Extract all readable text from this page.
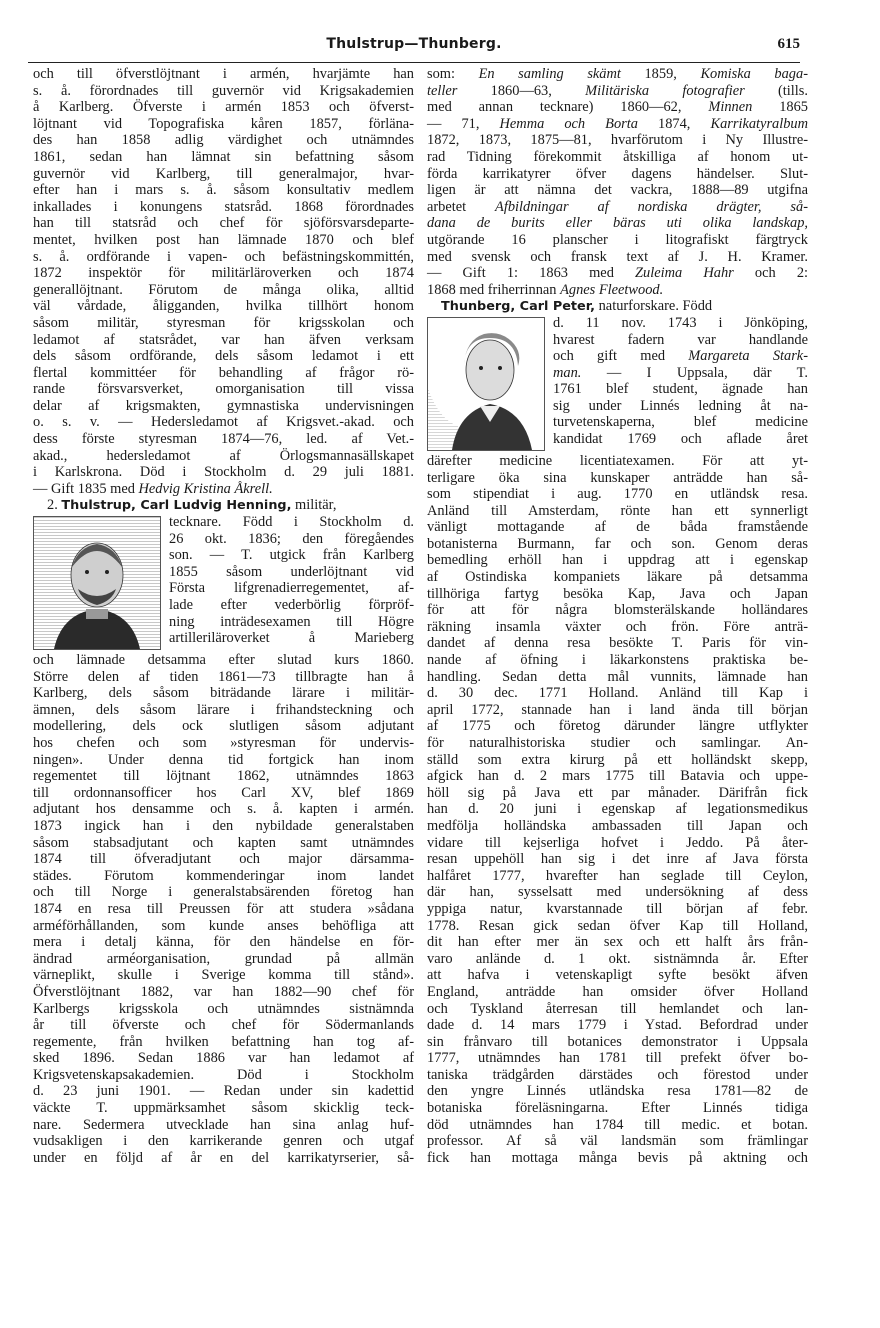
Thulstrup—Thunberg.	615
och till öfverstlöjtnant i armén, hvarjämte han
s. å. förordnades till guvernör vid Krigsakademien
å Karlberg. Öfverste i armén 1853 och öfverst-
löjtnant vid Topografiska kåren 1857, förläna-
des han 1858 adlig värdighet och utnämndes
1861, sedan han lämnat sin befattning såsom
guvernör vid Karlberg, till generalmajor, hvar-
efter han i mars s. å. såsom konsultativ medlem
inkallades i konungens statsråd. 1868 förordnades
han till statsråd och chef för sjöförsvarsdeparte-
mentet, hvilken post han lämnade 1870 och blef
s. å. ordförande i vapen- och befästningskommittén,
1872 inspektör för militärläroverken och 1874
generallöjtnant. Förutom de många olika, alltid
väl vårdade, åligganden, hvilka tillhört honom
såsom militär, styresman för krigsskolan och
ledamot af statsrådet, var han äfven verksam
dels såsom ordförande, dels såsom ledamot i ett
flertal kommittéer för behandling af frågor rö-
rande försvarsverket, omorganisation till vissa
delar af krigsmakten, gymnastiska undervisningen
o. s. v. — Hedersledamot af Krigsvet.-akad. och
dess förste styresman 1874—76, led. af Vet.-
akad., hedersledamot af Örlogsmannasällskapet
i Karlskrona. Död i Stockholm d. 29 juli 1881.
— Gift 1835 med Hedvig Kristina Åkrell.
2. Thulstrup, Carl Ludvig Henning, militär,
tecknare. Född i Stockholm d.
26 okt. 1836; den föregåendes
son. — T. utgick från Karlberg
1855 såsom underlöjtnant vid
Första lifgrenadierregementet, af-
lade efter vederbörlig förpröf-
ning inträdesexamen till Högre
artilleriläroverket å Marieberg
och lämnade detsamma efter slutad kurs 1860.
Större delen af tiden 1861—73 tillbragte han å
Karlberg, dels såsom biträdande lärare i militär-
ämnen, dels såsom lärare i frihandsteckning och
modellering, dels ock slutligen såsom adjutant
hos chefen och som »styresman för undervis-
ningen». Under denna tid fortgick han inom
regementet till löjtnant 1862, utnämndes 1863
till ordonnansofficer hos Carl XV, blef 1869
adjutant hos densamme och s. å. kapten i armén.
1873 ingick han i den nybildade generalstaben
såsom stabsadjutant och kapten samt utnämndes
1874 till öfveradjutant och major därsamma-
städes. Förutom kommenderingar inom landet
och till Norge i generalstabsärenden företog han
1874 en resa till Preussen för att studera »sådana
arméförhållanden, som kunde anses behöfliga att
mera i detalj känna, för den händelse en för-
ändrad arméorganisation, grundad på allmän
värneplikt, skulle i Sverige komma till stånd».
Öfverstlöjtnant 1882, var han 1882—90 chef för
Karlbergs krigsskola och utnämndes sistnämnda
år till öfverste och chef för Södermanlands
regemente, från hvilken befattning han tog af-
sked 1896. Sedan 1886 var han ledamot af
Krigsvetenskapsakademien. Död i Stockholm
d. 23 juni 1901. — Redan under sin kadettid
väckte T. uppmärksamhet såsom skicklig teck-
nare. Sedermera utvecklade han sina anlag huf-
vudsakligen i den karrikerande genren och utgaf
under en följd af år en del karrikatyrserier, så-
som: En samling skämt 1859, Komiska baga-
teller 1860—63, Militäriska fotografier (tills.
med annan tecknare) 1860—62, Minnen 1865
— 71, Hemma och Borta 1874, Karrikatyralbum
1872, 1873, 1875—81, hvarförutom i Ny Illustre-
rad Tidning förekommit åtskilliga af honom ut-
förda karrikatyrer öfver dagens händelser. Slut-
ligen är att nämna det vackra, 1888—89 utgifna
arbetet Afbildningar af nordiska drägter, så-
dana de burits eller bäras uti olika landskap,
utgörande 16 planscher i litografiskt färgtryck
med svensk och fransk text af J. H. Kramer.
— Gift 1: 1863 med Zuleima Hahr och 2:
1868 med friherrinnan Agnes Fleetwood.
Thunberg, Carl Peter, naturforskare. Född
d. 11 nov. 1743 i Jönköping,
hvarest fadern var handlande
och gift med Margareta Stark-
man. — I Uppsala, där T.
1761 blef student, ägnade han
sig under Linnés ledning åt na-
turvetenskaperna, blef medicine
kandidat 1769 och aflade året
därefter medicine licentiatexamen. För att yt-
terligare öka sina kunskaper anträdde han så-
som stipendiat i aug. 1770 en utländsk resa.
Anländ till Amsterdam, rönte han ett synnerligt
vänligt mottagande af de båda framstående
botanisterna Burmann, far och son. Genom deras
bemedling erhöll han i uppdrag att i egenskap
af Ostindiska kompaniets läkare på detsamma
tillhöriga fartyg besöka Kap, Java och Japan
för att för några blomsterälskande holländares
räkning insamla växter och frön. Före anträ-
dandet af denna resa besökte T. Paris för vin-
nande af öfning i läkarkonstens praktiska be-
handling. Sedan detta mål vunnits, lämnade han
d. 30 dec. 1771 Holland. Anländ till Kap i
april 1772, stannade han i land ända till början
af 1775 och företog därunder längre utflykter
för naturalhistoriska studier och samlingar. An-
ställd som extra kirurg på ett holländskt skepp,
afgick han d. 2 mars 1775 till Batavia och uppe-
höll sig på Java ett par månader. Därifrån fick
han d. 20 juni i egenskap af legationsmedikus
medfölja holländska ambassaden till Japan och
vidare till kejserliga hofvet i Jeddo. På åter-
resan uppehöll han sig i det inre af Java första
halfåret 1777, hvarefter han seglade till Ceylon,
där han, sysselsatt med undersökning af dess
yppiga natur, kvarstannade till början af febr.
1778. Resan gick sedan öfver Kap till Holland,
dit han efter mer än sex och ett halft års från-
varo anlände d. 1 okt. sistnämnda år. Efter
att hafva i vetenskapligt syfte besökt äfven
England, anträdde han omsider öfver Holland
och Tyskland återresan till hemlandet och lan-
dade d. 14 mars 1779 i Ystad. Befordrad under
sin frånvaro till botanices demonstrator i Uppsala
1777, utnämndes han 1781 till prefekt öfver bo-
taniska trädgården därstädes och förestod under
den yngre Linnés utländska resa 1781—82 de
botaniska föreläsningarna. Efter Linnés tidiga
död utnämndes han 1784 till medic. et botan.
professor. Af så väl landsmän som främlingar
fick han mottaga många bevis på aktning och
